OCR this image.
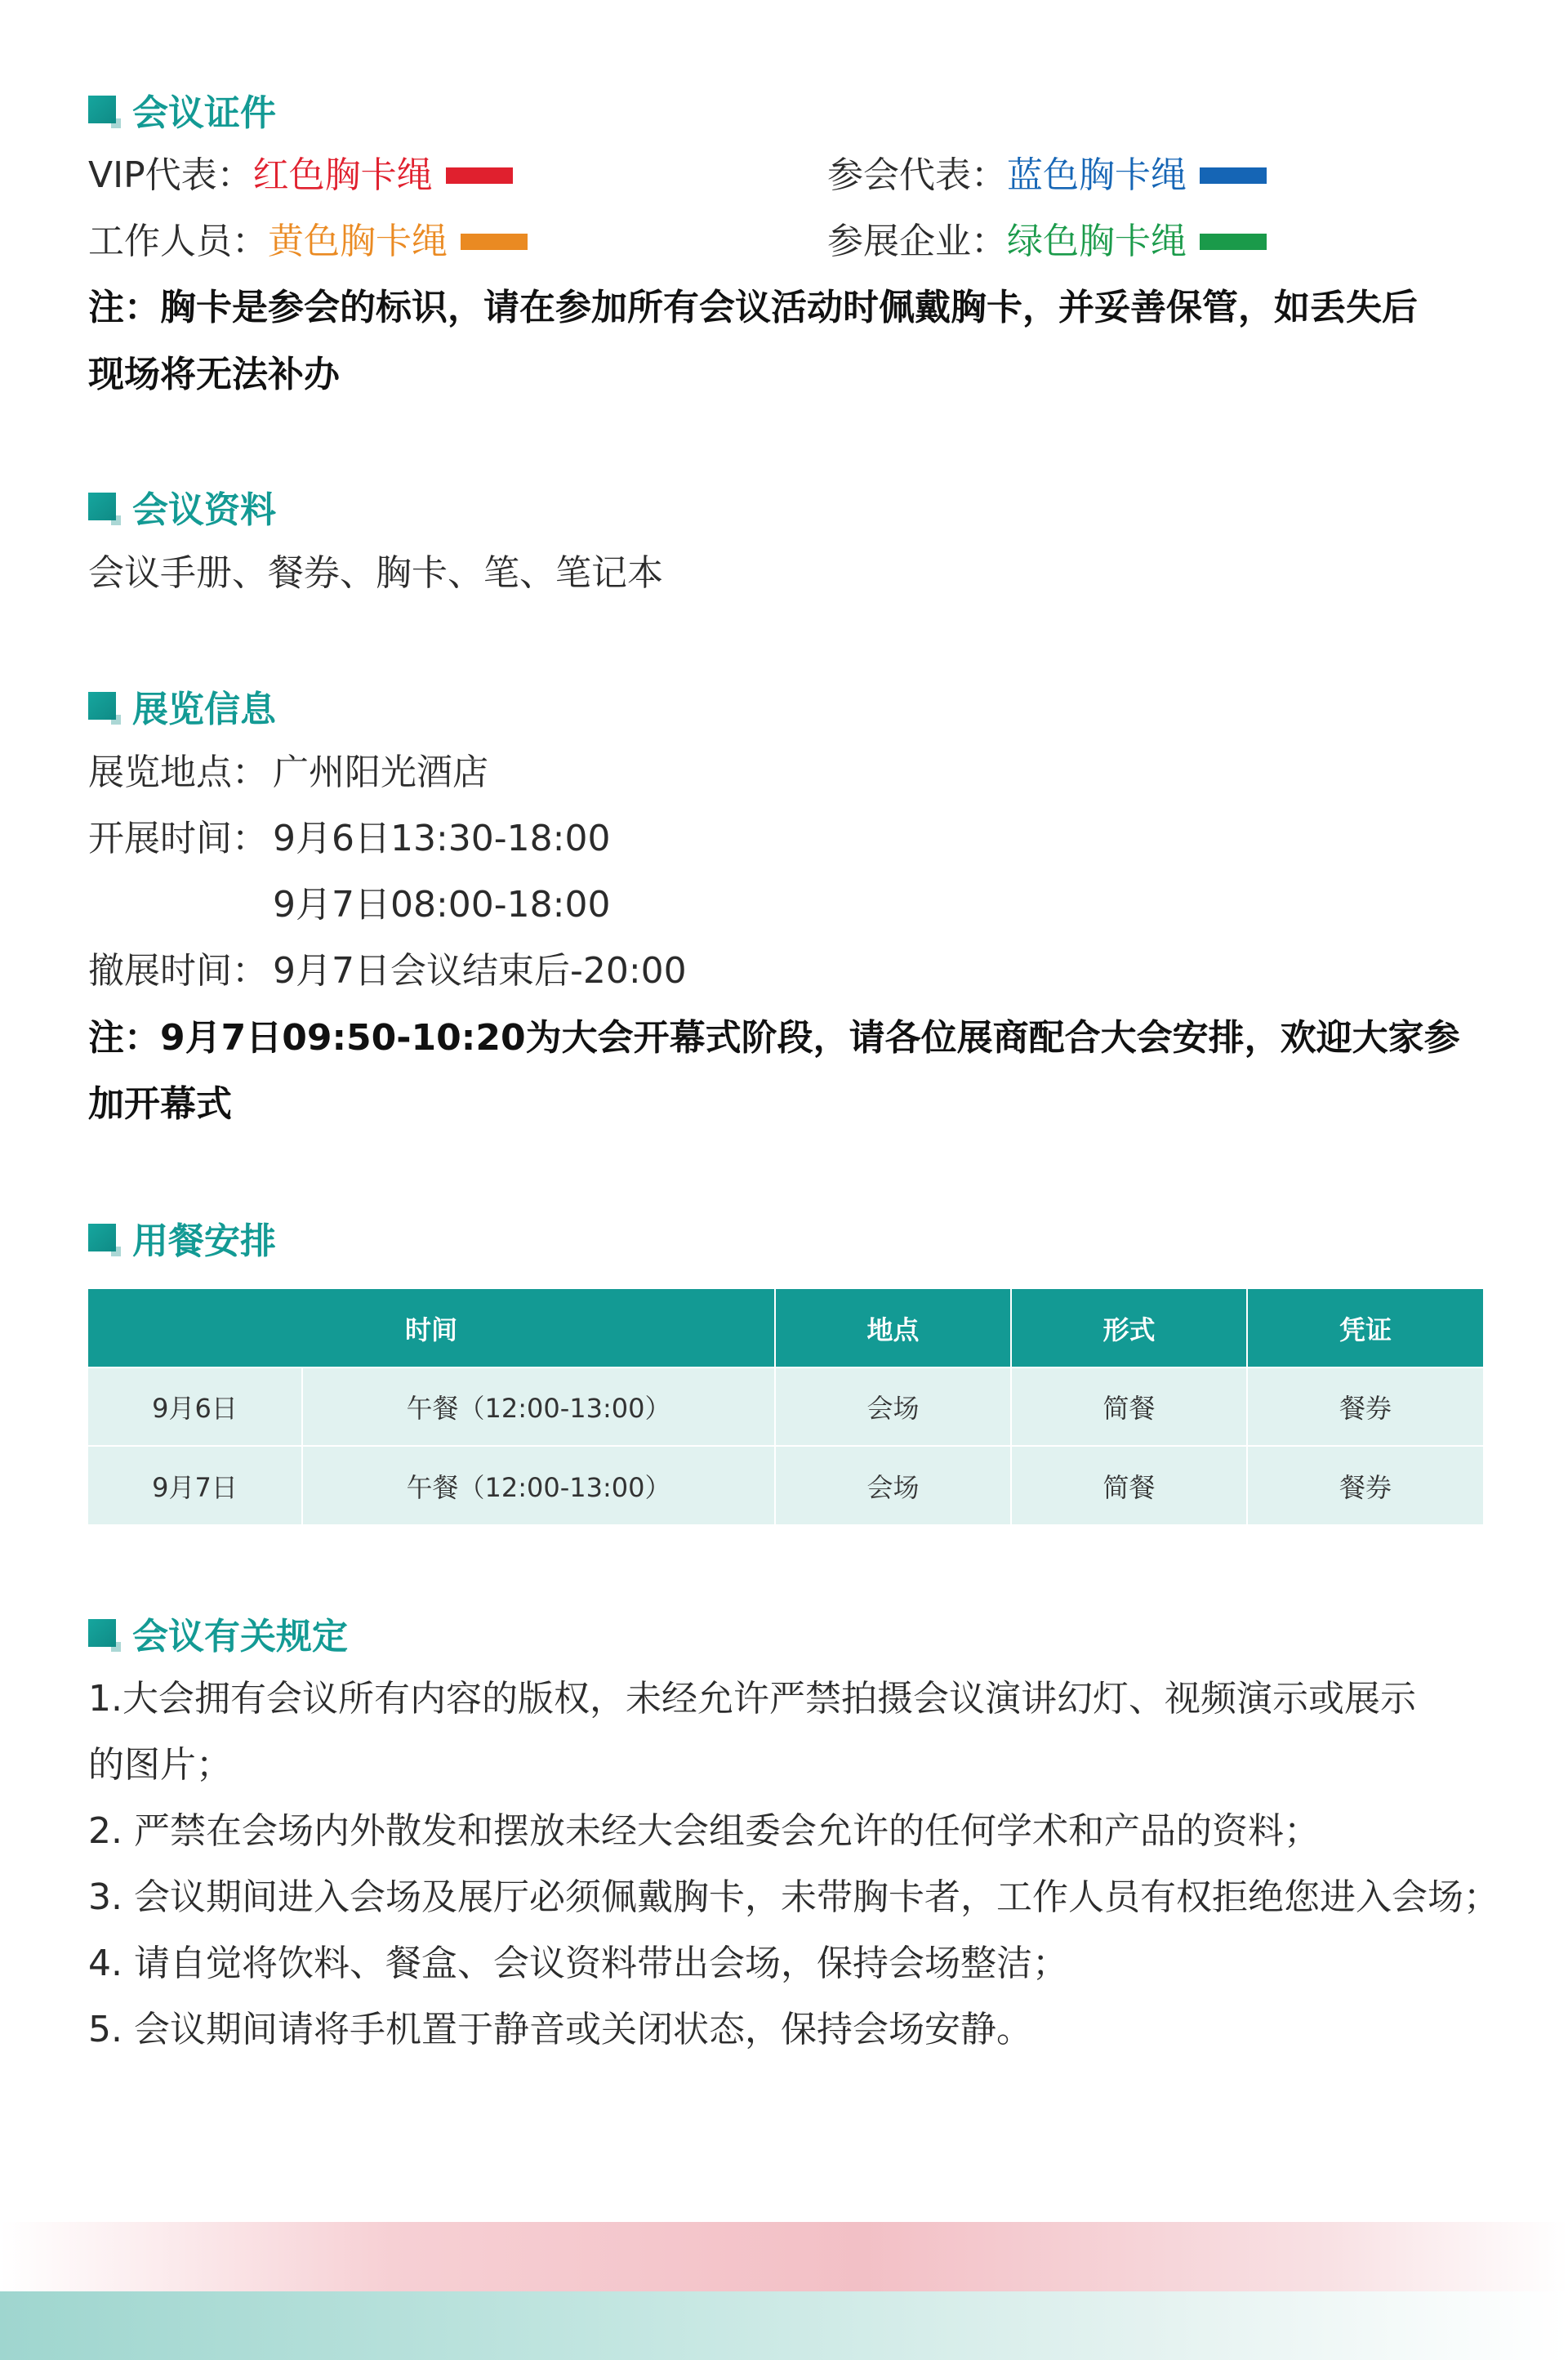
会议证件
VIP代表： 红色胸卡绳	参会代表： 蓝色胸卡绳
工作人员： 黄色胸卡绳	参展企业： 绿色胸卡绳
注：胸卡是参会的标识，请在参加所有会议活动时佩戴胸卡，并妥善保管，如丢失后
现场将无法补办
会议资料
会议手册、餐券、胸卡、笔、笔记本
展览信息
展览地点： 广州阳光酒店
开展时间： 9月6日13:30-18:00
9月7日08:00-18:00
撤展时间： 9月7日会议结束后-20:00
注：9月7日09:50-10:20为大会开幕式阶段，请各位展商配合大会安排，欢迎大家参
加开幕式
用餐安排
时间		地点	形式	凭证
9月6日	午餐（12:00-13:00）	会场	简餐	餐券
9月7日	午餐（12:00-13:00）	会场	简餐	餐券
会议有关规定
1.大会拥有会议所有内容的版权，未经允许严禁拍摄会议演讲幻灯、视频演示或展示
的图片；
2. 严禁在会场内外散发和摆放未经大会组委会允许的任何学术和产品的资料；
3. 会议期间进入会场及展厅必须佩戴胸卡，未带胸卡者，工作人员有权拒绝您进入会场；
4. 请自觉将饮料、餐盒、会议资料带出会场，保持会场整洁；
5. 会议期间请将手机置于静音或关闭状态，保持会场安静。
